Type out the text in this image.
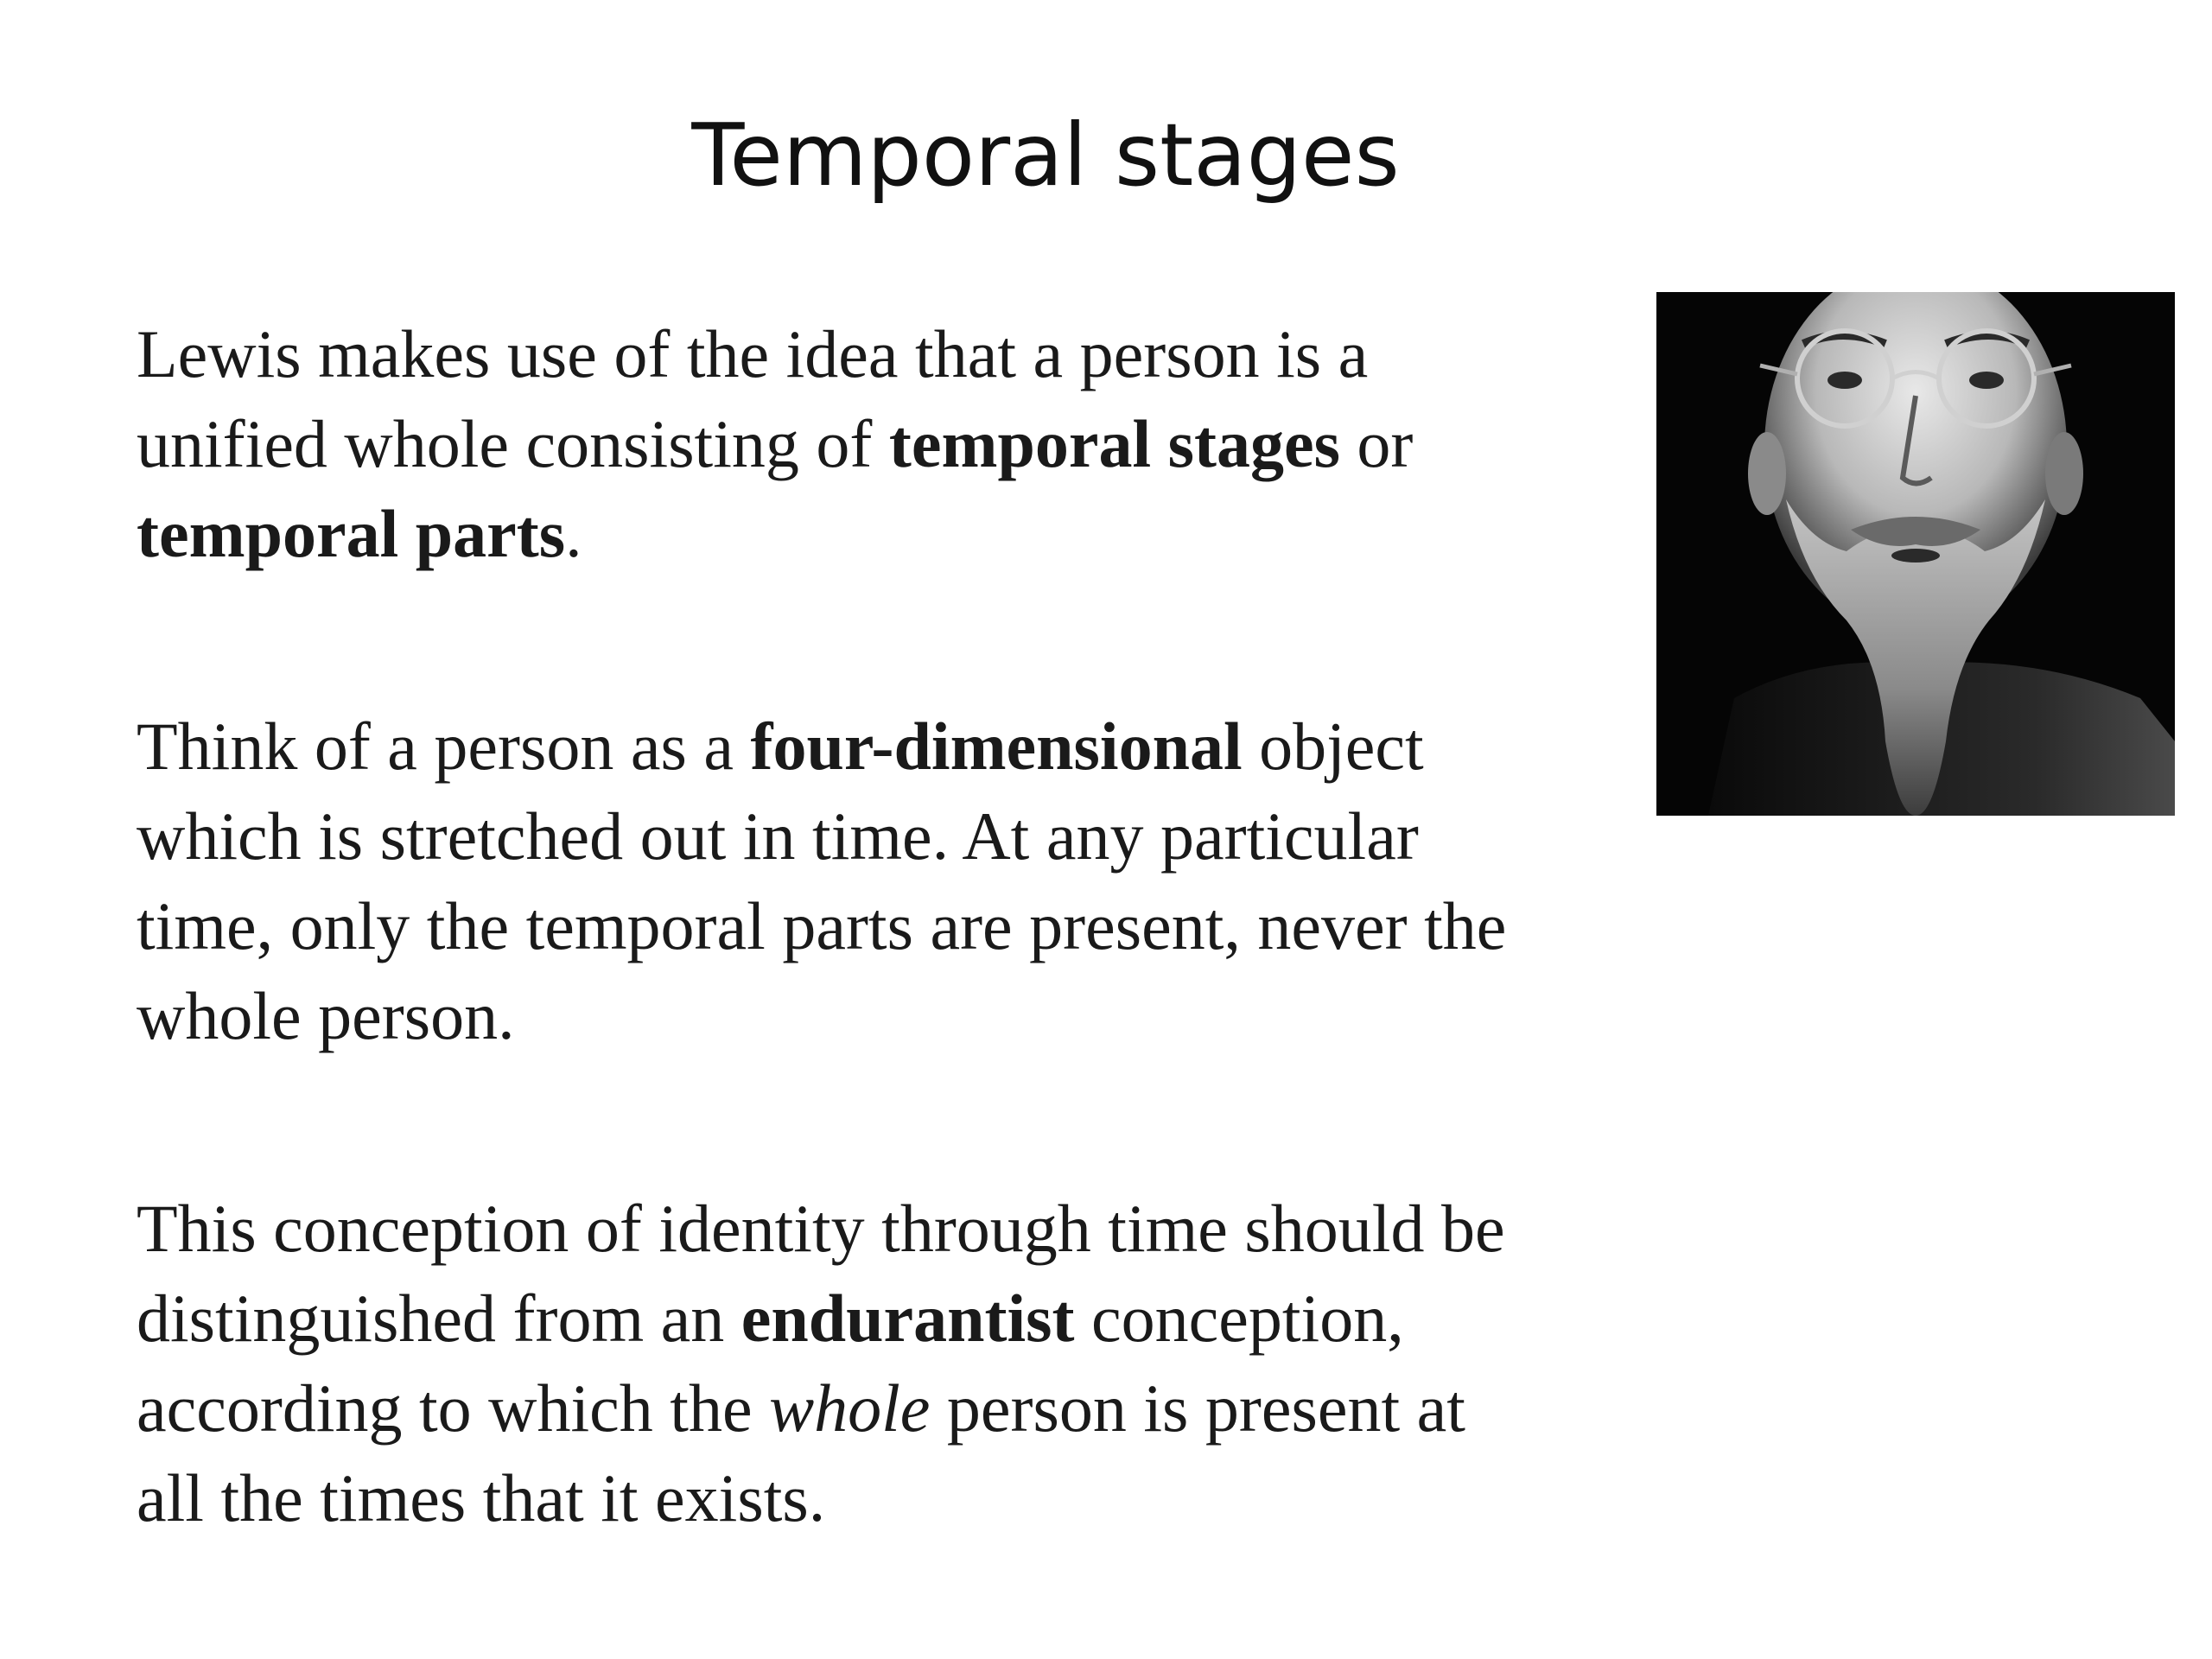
Temporal stages
Lewis makes use of the idea that a person is a unified whole consisting of temporal stages or temporal parts.
Think of a person as a four-dimensional object which is stretched out in time. At any particular time, only the temporal parts are present, never the whole person.
This conception of identity through time should be distinguished from an endurantist conception, according to which the whole person is present at all the times that it exists.
